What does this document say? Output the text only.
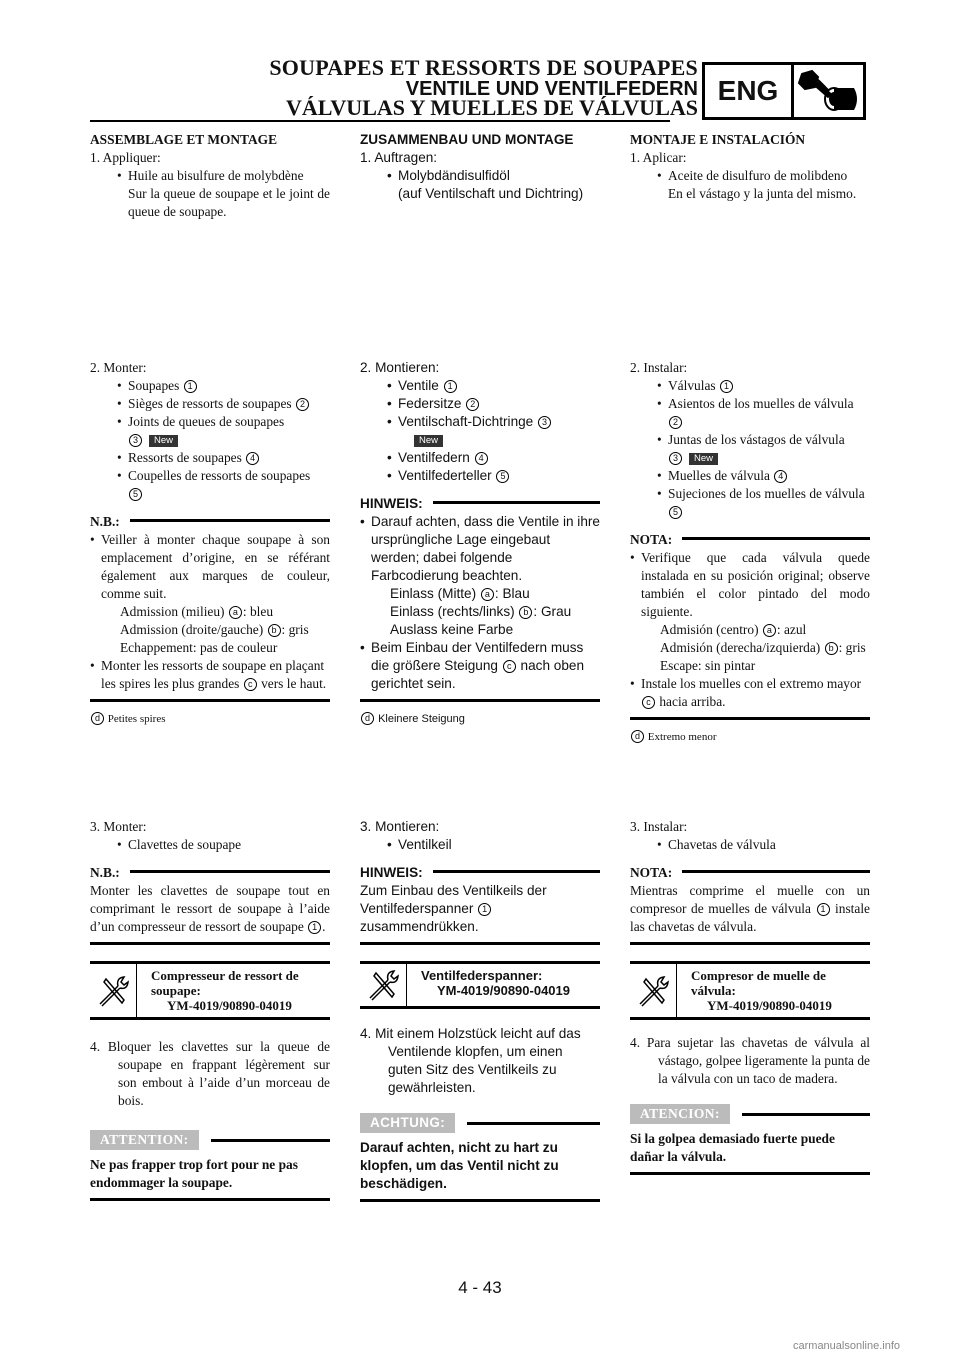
SOUPAPES ET RESSORTS DE SOUPAPES
VENTILE UND VENTILFEDERN
VÁLVULAS Y MUELLES DE VÁLVULAS
ENG
ASSEMBLAGE ET MONTAGE
1. Appliquer:
• Huile au bisulfure de molybdène
Sur la queue de soupape et le joint de queue de soupape.
2. Monter:
• Soupapes 1
• Sièges de ressorts de soupapes 2
• Joints de queues de soupapes
3 New
• Ressorts de soupapes 4
• Coupelles de ressorts de soupapes
5
N.B.:
• Veiller à monter chaque soupape à son emplacement d’origine, en se référant également aux marques de couleur, comme suit.
Admission (milieu) a : bleu
Admission (droite/gauche) b : gris
Echappement: pas de couleur
• Monter les ressorts de soupape en plaçant les spires les plus grandes c vers le haut.
d Petites spires
3. Monter:
• Clavettes de soupape
N.B.:
Monter les clavettes de soupape tout en comprimant le ressort de soupape à l’aide d’un compresseur de ressort de soupape 1 .
Compresseur de ressort de soupape:
YM-4019/90890-04019
4. Bloquer les clavettes sur la queue de soupape en frappant légèrement sur son embout à l’aide d’un morceau de bois.
ATTENTION:
Ne pas frapper trop fort pour ne pas endommager la soupape.
ZUSAMMENBAU UND MONTAGE
1. Auftragen:
• Molybdändisulfidöl
(auf Ventilschaft und Dichtring)
2. Montieren:
• Ventile 1
• Federsitze 2
• Ventilschaft-Dichtringe 3
New
• Ventilfedern 4
• Ventilfederteller 5
HINWEIS:
• Darauf achten, dass die Ventile in ihre ursprüngliche Lage eingebaut werden; dabei folgende Farbcodierung beachten.
Einlass (Mitte) a : Blau
Einlass (rechts/links) b : Grau
Auslass keine Farbe
• Beim Einbau der Ventilfedern muss die größere Steigung c nach oben gerichtet sein.
d Kleinere Steigung
3. Montieren:
• Ventilkeil
HINWEIS:
Zum Einbau des Ventilkeils der Ventilfederspanner 1 zusammendrükken.
Ventilfederspanner:
YM-4019/90890-04019
4. Mit einem Holzstück leicht auf das Ventilende klopfen, um einen guten Sitz des Ventilkeils zu gewährleisten.
ACHTUNG:
Darauf achten, nicht zu hart zu klopfen, um das Ventil nicht zu beschädigen.
MONTAJE E INSTALACIÓN
1. Aplicar:
• Aceite de disulfuro de molibdeno
En el vástago y la junta del mismo.
2. Instalar:
• Válvulas 1
• Asientos de los muelles de válvula 2
• Juntas de los vástagos de válvula
3 New
• Muelles de válvula 4
• Sujeciones de los muelles de válvula 5
NOTA:
• Verifique que cada válvula quede instalada en su posición original; observe también el color pintado del modo siguiente.
Admisión (centro) a : azul
Admisión (derecha/izquierda) b : gris
Escape: sin pintar
• Instale los muelles con el extremo mayor c hacia arriba.
d Extremo menor
3. Instalar:
• Chavetas de válvula
NOTA:
Mientras comprime el muelle con un compresor de muelles de válvula 1 instale las chavetas de válvula.
Compresor de muelle de válvula:
YM-4019/90890-04019
4. Para sujetar las chavetas de válvula al vástago, golpee ligeramente la punta de la válvula con un taco de madera.
ATENCION:
Si la golpea demasiado fuerte puede dañar la válvula.
4 - 43
carmanualsonline.info
